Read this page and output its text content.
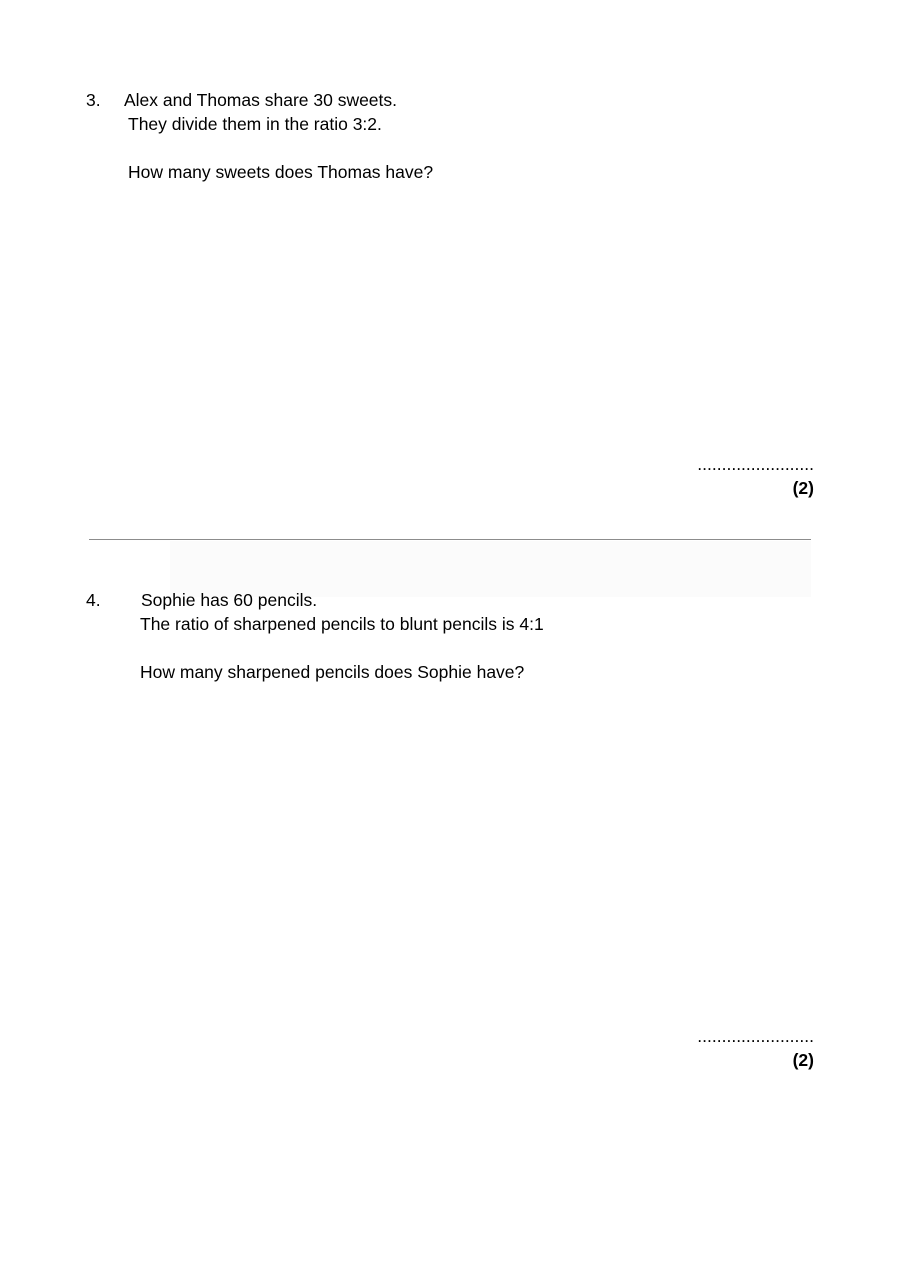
3. Alex and Thomas share 30 sweets.
They divide them in the ratio 3:2.
How many sweets does Thomas have?
........................
(2)
4. Sophie has 60 pencils.
The ratio of sharpened pencils to blunt pencils is 4:1
How many sharpened pencils does Sophie have?
........................
(2)
